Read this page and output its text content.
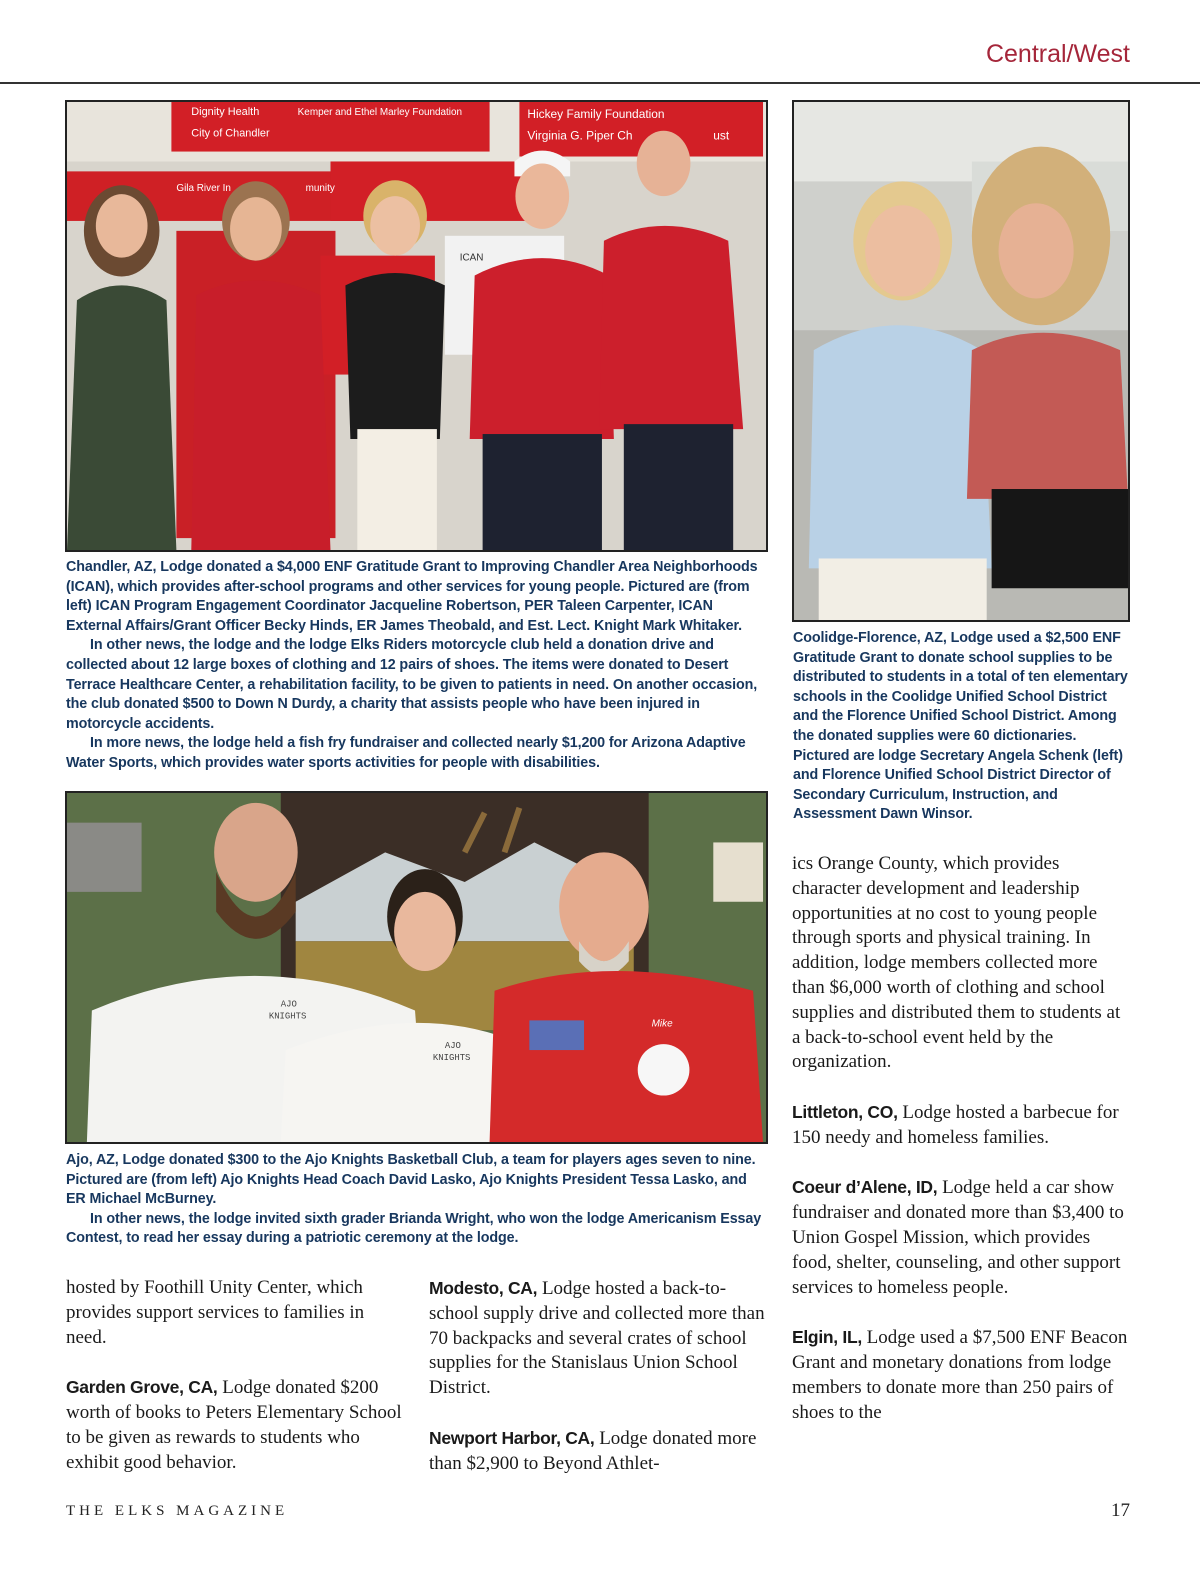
Central/West
Dignity Health
City of Chandler
Kemper and Ethel Marley Foundation	Hickey Family Foundation
Virginia G. Piper Ch	ust
Gila River In	munity
ICAN

Chandler, AZ, Lodge donated a $4,000 ENF Gratitude Grant to Improving Chandler Area Neighborhoods (ICAN), which provides after-school programs and other services for young people. Pictured are (from left) ICAN Program Engagement Coordinator Jacqueline Robertson, PER Taleen Carpenter, ICAN External Affairs/Grant Officer Becky Hinds, ER James Theobald, and Est. Lect. Knight Mark Whitaker.

In other news, the lodge and the lodge Elks Riders motorcycle club held a donation drive and collected about 12 large boxes of clothing and 12 pairs of shoes. The items were donated to Desert Terrace Healthcare Center, a rehabilitation facility, to be given to patients in need. On another occasion, the club donated $500 to Down N Durdy, a charity that assists people who have been injured in motorcycle accidents.

In more news, the lodge held a fish fry fundraiser and collected nearly $1,200 for Arizona Adaptive Water Sports, which provides water sports activities for people with disabilities.

Coolidge-Florence, AZ, Lodge used a $2,500 ENF Gratitude Grant to donate school supplies to be distributed to students in a total of ten elementary schools in the Coolidge Unified School District and the Florence Unified School District. Among the donated supplies were 60 dictionaries. Pictured are lodge Secretary Angela Schenk (left) and Florence Unified School District Director of Secondary Curriculum, Instruction, and Assessment Dawn Winsor.

AJO
KNIGHTS
AJO
KNIGHTS
Mike

Ajo, AZ, Lodge donated $300 to the Ajo Knights Basketball Club, a team for players ages seven to nine. Pictured are (from left) Ajo Knights Head Coach David Lasko, Ajo Knights President Tessa Lasko, and ER Michael McBurney.

In other news, the lodge invited sixth grader Brianda Wright, who won the lodge Americanism Essay Contest, to read her essay during a patriotic ceremony at the lodge.

hosted by Foothill Unity Center, which provides support services to families in need.

Garden Grove, CA, Lodge donated $200 worth of books to Peters Elementary School to be given as rewards to students who exhibit good behavior.

Modesto, CA, Lodge hosted a back-to-school supply drive and collected more than 70 backpacks and several crates of school supplies for the Stanislaus Union School District.

Newport Harbor, CA, Lodge donated more than $2,900 to Beyond Athlet-

ics Orange County, which provides character development and leadership opportunities at no cost to young people through sports and physical training. In addition, lodge members collected more than $6,000 worth of clothing and school supplies and distributed them to students at a back-to-school event held by the organization.

Littleton, CO, Lodge hosted a barbecue for 150 needy and homeless families.

Coeur d’Alene, ID, Lodge held a car show fundraiser and donated more than $3,400 to Union Gospel Mission, which provides food, shelter, counseling, and other support services to homeless people.

Elgin, IL, Lodge used a $7,500 ENF Beacon Grant and monetary donations from lodge members to donate more than 250 pairs of shoes to the

THE ELKS MAGAZINE	17
